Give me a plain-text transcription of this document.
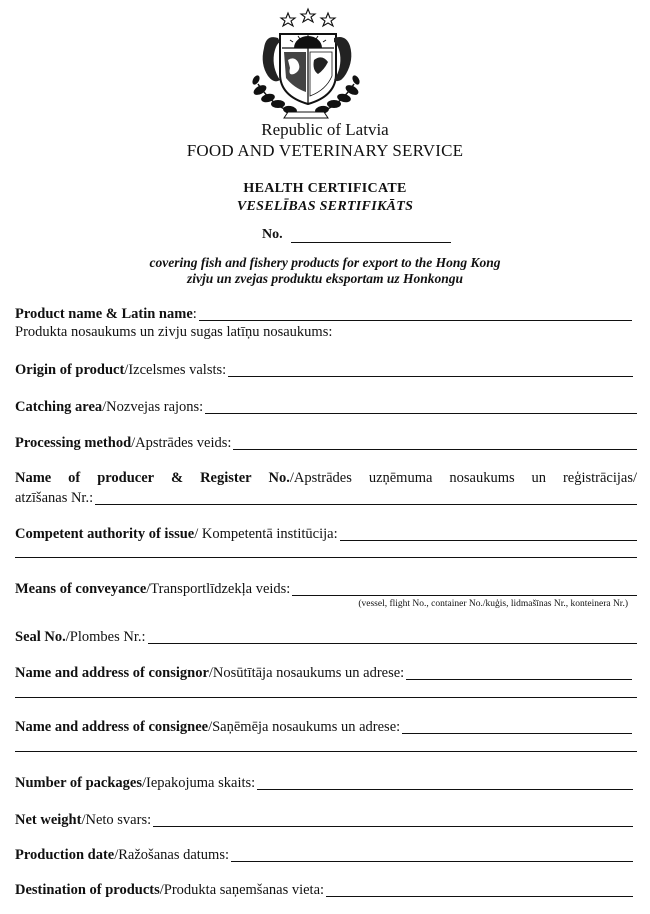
Republic of Latvia
FOOD AND VETERINARY SERVICE
HEALTH CERTIFICATE
VESELĪBAS SERTIFIKĀTS
No.
covering fish and fishery products for export to the Hong Kong
zivju un zvejas produktu eksportam uz Honkongu
Product name & Latin name :
Produkta nosaukums un zivju sugas latīņu nosaukums:
Origin of product /Izcelsmes valsts:
Catching area /Nozvejas rajons:
Processing method /Apstrādes veids:
Name of producer & Register No./Apstrādes uzņēmuma nosaukums un reģistrācijas/
atzīšanas Nr.:
Competent authority of issue / Kompetentā institūcija:
Means of conveyance /Transportlīdzekļa veids:
(vessel, flight No., container No./kuģis, lidmašīnas Nr., konteinera Nr.)
Seal No. /Plombes Nr.:
Name and address of consignor /Nosūtītāja nosaukums un adrese:
Name and address of consignee /Saņēmēja nosaukums un adrese:
Number of packages /Iepakojuma skaits:
Net weight /Neto svars:
Production date /Ražošanas datums:
Destination of products /Produkta saņemšanas vieta:
